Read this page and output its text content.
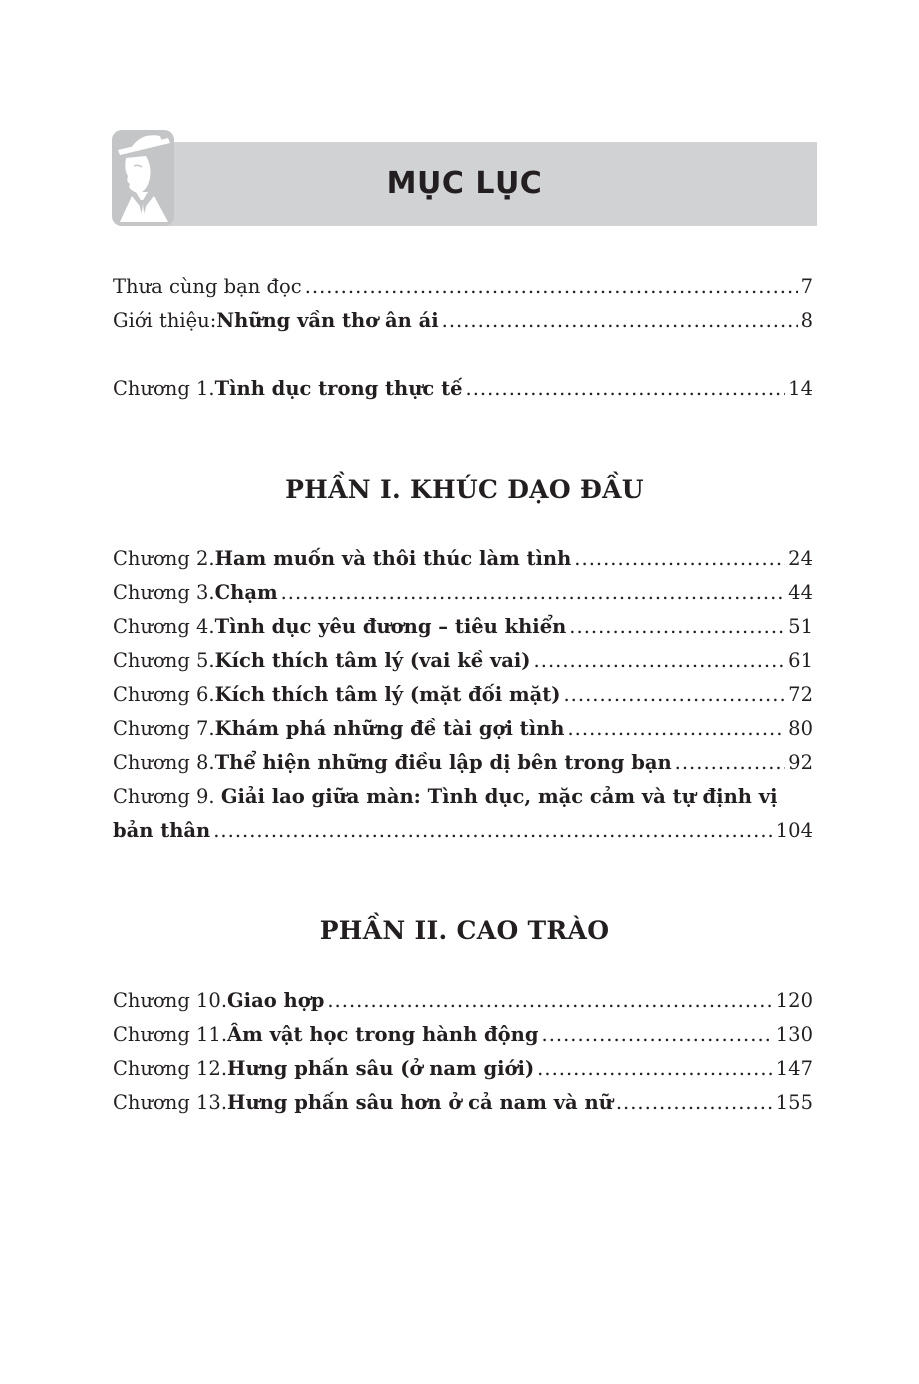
MỤC LỤC
Thưa cùng bạn đọc .....	7
Giới thiệu: Những vần thơ ân ái .....	8
Chương 1. Tình dục trong thực tế .....	14
PHẦN I. KHÚC DẠO ĐẦU
Chương 2. Ham muốn và thôi thúc làm tình .....	24
Chương 3. Chạm .....	44
Chương 4. Tình dục yêu đương – tiêu khiển .....	51
Chương 5. Kích thích tâm lý (vai kề vai) .....	61
Chương 6. Kích thích tâm lý (mặt đối mặt) .....	72
Chương 7. Khám phá những đề tài gợi tình .....	80
Chương 8. Thể hiện những điều lập dị bên trong bạn .....	92
Chương 9. Giải lao giữa màn: Tình dục, mặc cảm và tự định vị
bản thân .....	104
PHẦN II. CAO TRÀO
Chương 10. Giao hợp .....	120
Chương 11. Âm vật học trong hành động .....	130
Chương 12. Hưng phấn sâu (ở nam giới) .....	147
Chương 13. Hưng phấn sâu hơn ở cả nam và nữ .....	155
